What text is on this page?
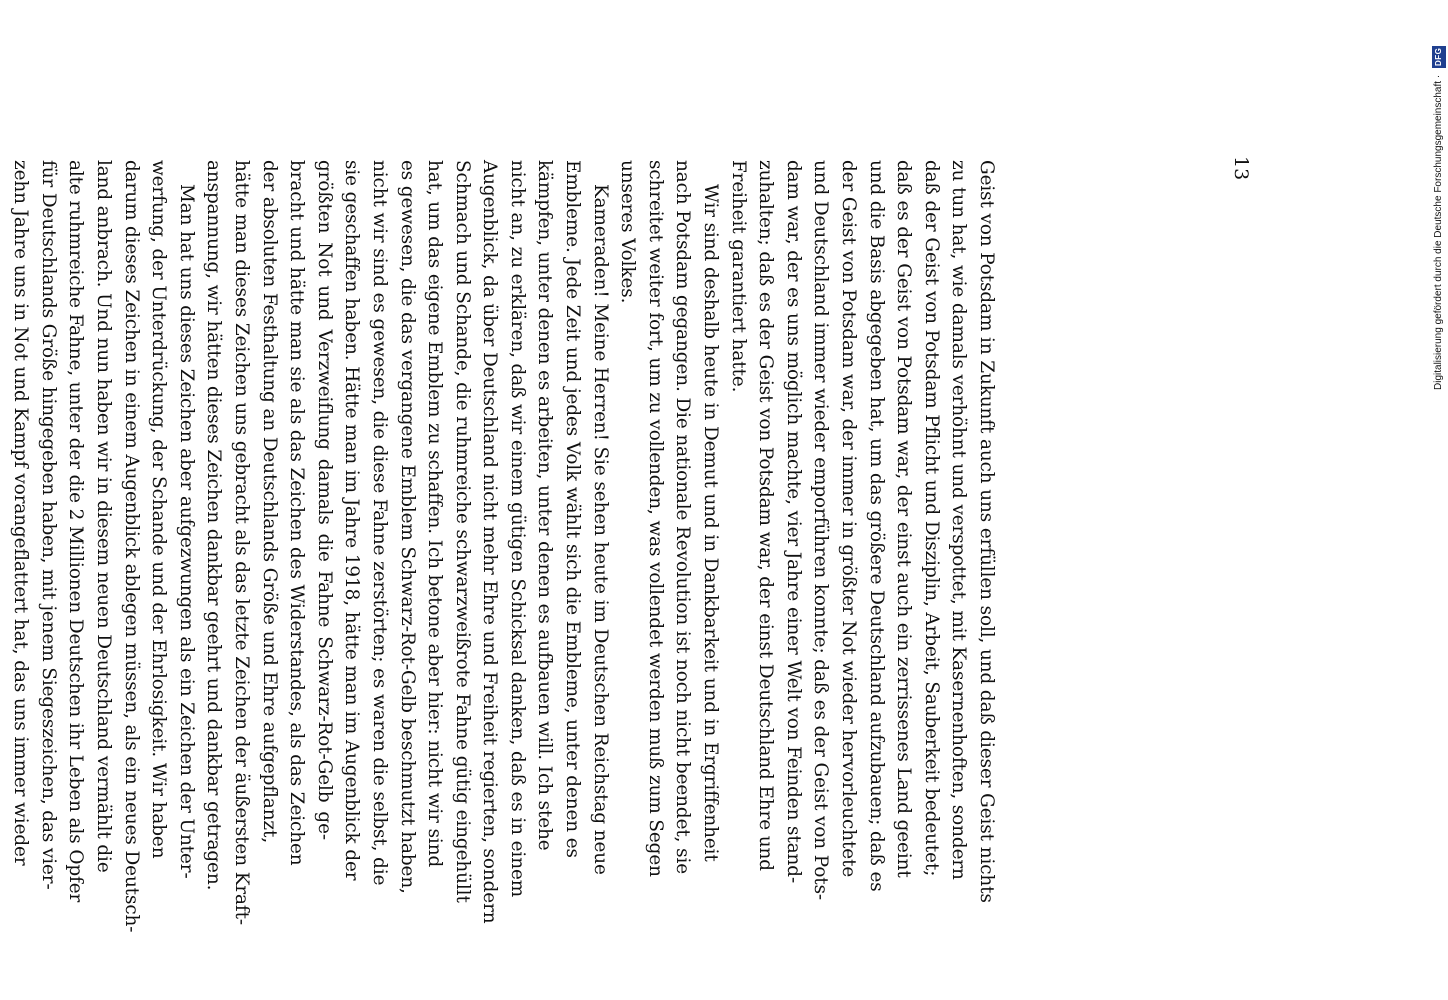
Geist von Potsdam in Zukunft auch uns erfüllen soll, und daß dieser Geist nichts
zu tun hat, wie damals verhöhnt und verspottet, mit Kasernenhoften, sondern
daß der Geist von Potsdam Pflicht und Disziplin, Arbeit, Sauberkeit bedeutet;
daß es der Geist von Potsdam war, der einst auch ein zerrissenes Land geeint
und die Basis abgegeben hat, um das größere Deutschland aufzubauen; daß es
der Geist von Potsdam war, der immer in größter Not wieder hervorleuchtete
und Deutschland immer wieder emporführen konnte; daß es der Geist von Pots-
dam war, der es uns möglich machte, vier Jahre einer Welt von Feinden stand-
zuhalten; daß es der Geist von Potsdam war, der einst Deutschland Ehre und
Freiheit garantiert hatte.
Wir sind deshalb heute in Demut und in Dankbarkeit und in Ergriffenheit
nach Potsdam gegangen. Die nationale Revolution ist noch nicht beendet, sie
schreitet weiter fort, um zu vollenden, was vollendet werden muß zum Segen
unseres Volkes.
Kameraden! Meine Herren! Sie sehen heute im Deutschen Reichstag neue
Embleme. Jede Zeit und jedes Volk wählt sich die Embleme, unter denen es
kämpfen, unter denen es arbeiten, unter denen es aufbauen will. Ich stehe
nicht an, zu erklären, daß wir einem gütigen Schicksal danken, daß es in einem
Augenblick, da über Deutschland nicht mehr Ehre und Freiheit regierten, sondern
Schmach und Schande, die ruhmreiche schwarzweißrote Fahne gütig eingehüllt
hat, um das eigene Emblem zu schaffen. Ich betone aber hier: nicht wir sind
es gewesen, die das vergangene Emblem Schwarz-Rot-Gelb beschmutzt haben,
nicht wir sind es gewesen, die diese Fahne zerstörten; es waren die selbst, die
sie geschaffen haben. Hätte man im Jahre 1918, hätte man im Augenblick der
größten Not und Verzweiflung damals die Fahne Schwarz-Rot-Gelb ge-
bracht und hätte man sie als das Zeichen des Widerstandes, als das Zeichen
der absoluten Festhaltung an Deutschlands Größe und Ehre aufgepflanzt,
hätte man dieses Zeichen uns gebracht als das letzte Zeichen der äußersten Kraft-
anspannung, wir hätten dieses Zeichen dankbar geehrt und dankbar getragen.
Man hat uns dieses Zeichen aber aufgezwungen als ein Zeichen der Unter-
werfung, der Unterdrückung, der Schande und der Ehrlosigkeit. Wir haben
darum dieses Zeichen in einem Augenblick ablegen müssen, als ein neues Deutsch-
land anbrach. Und nun haben wir in diesem neuen Deutschland vermählt die
alte ruhmreiche Fahne, unter der die 2 Millionen Deutschen ihr Leben als Opfer
für Deutschlands Größe hingegeben haben, mit jenem Siegeszeichen, das vier-
zehn Jahre uns in Not und Kampf vorangeflattert hat, das uns immer wieder	13	Digitalisierung gefördert durch die Deutsche Forschungsgemeinschaft · DFG
